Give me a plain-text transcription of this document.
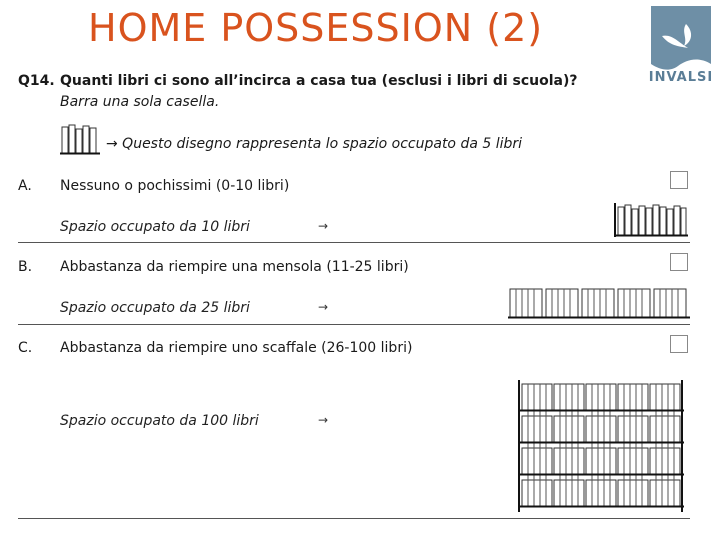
HOME POSSESSION (2)
INVALSI
Q14. Quanti libri ci sono all’incirca a casa tua (esclusi i libri di scuola)?
Barra una sola casella.
→ Questo disegno rappresenta lo spazio occupato da 5 libri
A. Nessuno o pochissimi (0-10 libri)
Spazio occupato da 10 libri	→
B. Abbastanza da riempire una mensola (11-25 libri)
Spazio occupato da 25 libri	→
C. Abbastanza da riempire uno scaffale (26-100 libri)
Spazio occupato da 100 libri	→
